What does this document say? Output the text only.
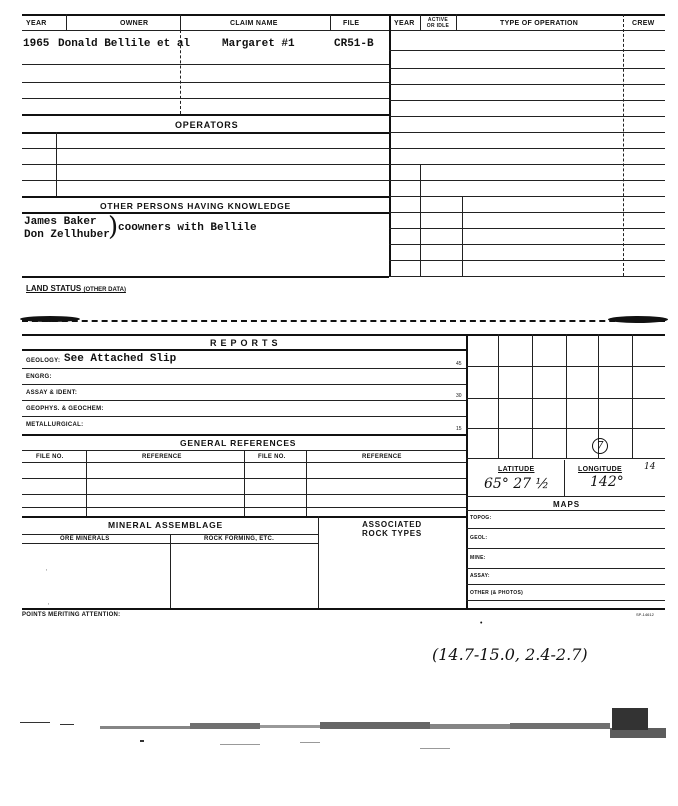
YEAR	OWNER	CLAIM NAME	FILE	YEAR	ACTIVE OR IDLE	TYPE OF OPERATION	CREW
1965 Donald Bellile et al	Margaret #1	CR51-B
OPERATORS
OTHER PERSONS HAVING KNOWLEDGE
James Baker
Don Zellhuber
) coowners with Bellile
LAND STATUS (OTHER DATA)
REPORTS
GEOLOGY: See Attached Slip	45
ENGRG:
ASSAY & IDENT:	30
GEOPHYS. & GEOCHEM:
METALLURGICAL:
15
GENERAL REFERENCES
FILE NO.	REFERENCE	FILE NO.	REFERENCE
MINERAL ASSEMBLAGE	ASSOCIATED ROCK TYPES
ORE MINERALS	ROCK FORMING, ETC.
,
,
7
LATITUDE	LONGITUDE 14
65° 27 ½	142°
MAPS
TOPOG:
GEOL:
MINE:
ASSAY:
OTHER (& PHOTOS)
POINTS MERITING ATTENTION:	SP-14612
•
(14.7-15.0, 2.4-2.7)
